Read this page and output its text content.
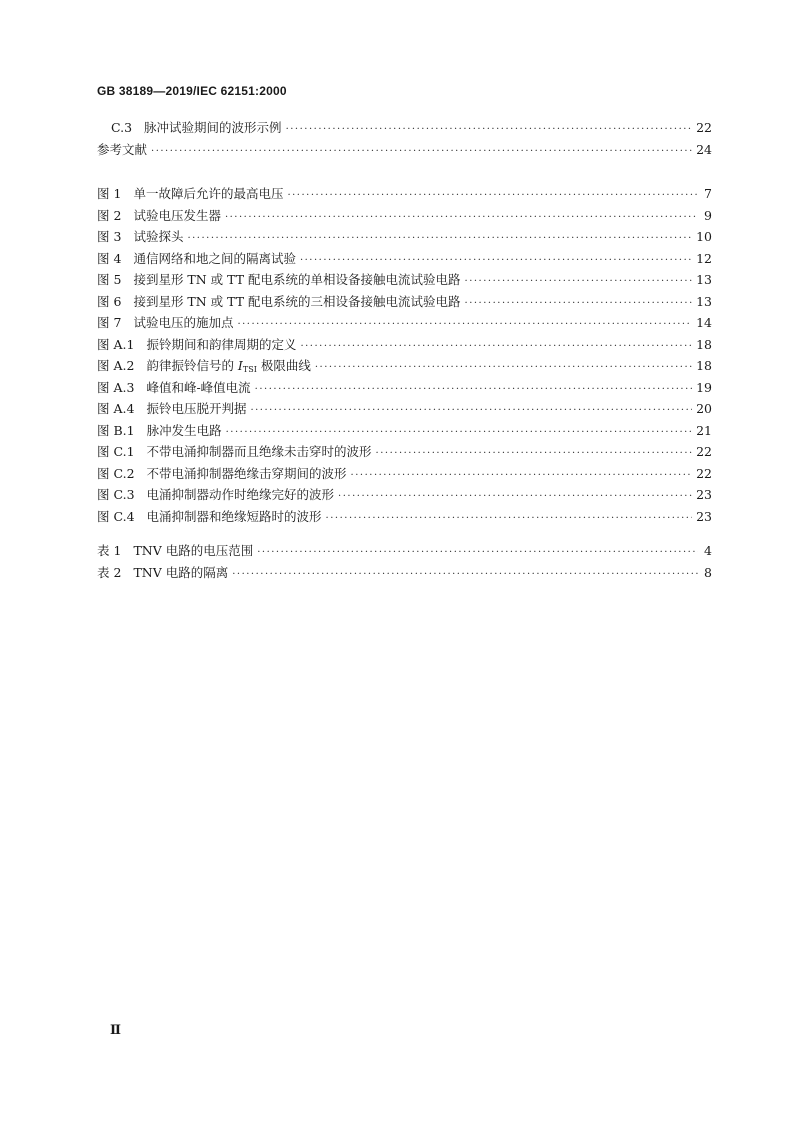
GB 38189—2019/IEC 62151:2000
C.3 脉冲试验期间的波形示例 ·····	22
参考文献 ·····	24
图 1 单一故障后允许的最高电压 ·····	7
图 2 试验电压发生器 ·····	9
图 3 试验探头 ·····	10
图 4 通信网络和地之间的隔离试验 ·····	12
图 5 接到星形 TN 或 TT 配电系统的单相设备接触电流试验电路 ·····	13
图 6 接到星形 TN 或 TT 配电系统的三相设备接触电流试验电路 ·····	13
图 7 试验电压的施加点 ·····	14
图 A.1 振铃期间和韵律周期的定义 ·····	18
图 A.2 韵律振铃信号的 $I_{TSI}$ 极限曲线 ·····	18
图 A.3 峰值和峰-峰值电流 ·····	19
图 A.4 振铃电压脱开判据 ·····	20
图 B.1 脉冲发生电路 ·····	21
图 C.1 不带电涌抑制器而且绝缘未击穿时的波形 ·····	22
图 C.2 不带电涌抑制器绝缘击穿期间的波形 ·····	22
图 C.3 电涌抑制器动作时绝缘完好的波形 ·····	23
图 C.4 电涌抑制器和绝缘短路时的波形 ·····	23
表 1 TNV 电路的电压范围 ·····	4
表 2 TNV 电路的隔离 ·····	8
Ⅱ
